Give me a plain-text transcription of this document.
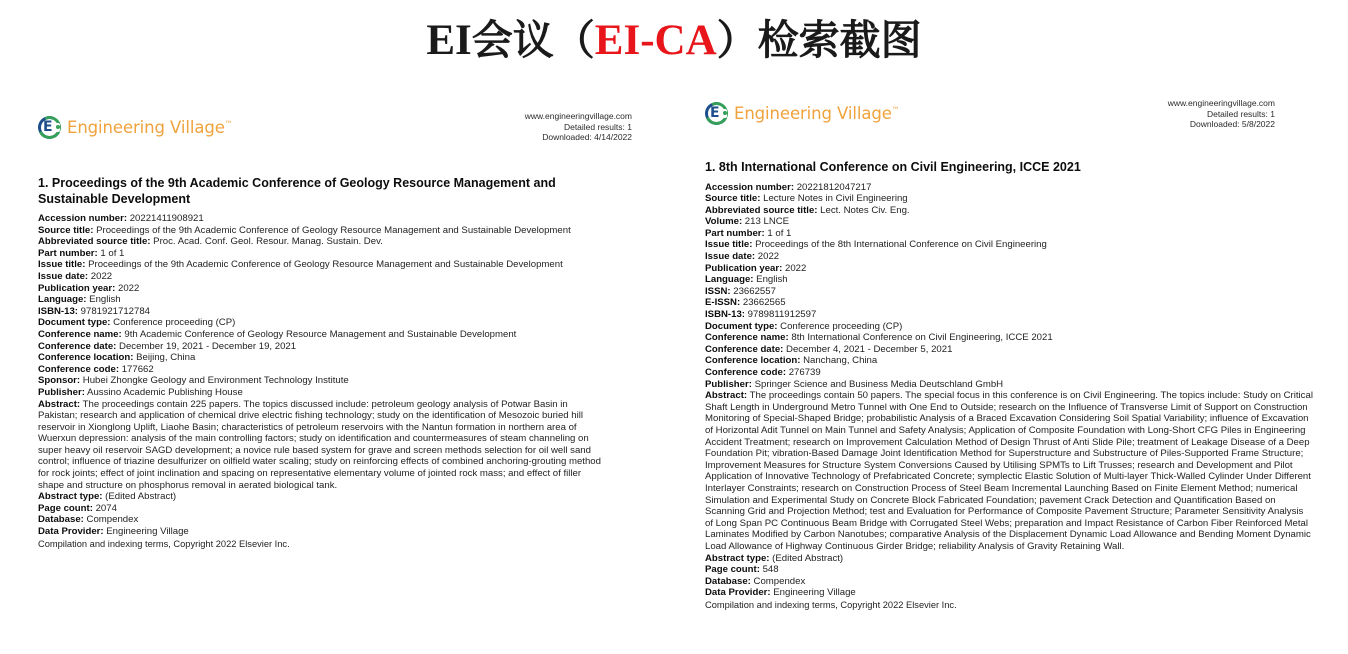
EI会议（EI-CA）检索截图
E Engineering Village™
www.engineeringvillage.com
Detailed results: 1
Downloaded: 4/14/2022
1. Proceedings of the 9th Academic Conference of Geology Resource Management and Sustainable Development
Accession number: 20221411908921
Source title: Proceedings of the 9th Academic Conference of Geology Resource Management and Sustainable Development
Abbreviated source title: Proc. Acad. Conf. Geol. Resour. Manag. Sustain. Dev.
Part number: 1 of 1
Issue title: Proceedings of the 9th Academic Conference of Geology Resource Management and Sustainable Development
Issue date: 2022
Publication year: 2022
Language: English
ISBN-13: 9781921712784
Document type: Conference proceeding (CP)
Conference name: 9th Academic Conference of Geology Resource Management and Sustainable Development
Conference date: December 19, 2021 - December 19, 2021
Conference location: Beijing, China
Conference code: 177662
Sponsor: Hubei Zhongke Geology and Environment Technology Institute
Publisher: Aussino Academic Publishing House
Abstract: The proceedings contain 225 papers. The topics discussed include: petroleum geology analysis of Potwar Basin in Pakistan; research and application of chemical drive electric fishing technology; study on the identification of Mesozoic buried hill reservoir in Xionglong Uplift, Liaohe Basin; characteristics of petroleum reservoirs with the Nantun formation in northern area of Wuerxun depression: analysis of the main controlling factors; study on identification and countermeasures of steam channeling on super heavy oil reservoir SAGD development; a novice rule based system for grave and screen methods selection for oil well sand control; influence of triazine desulfurizer on oilfield water scaling; study on reinforcing effects of combined anchoring-grouting method for rock joints; effect of joint inclination and spacing on representative elementary volume of jointed rock mass; and effect of filler shape and structure on phosphorus removal in aerated biological tank.
Abstract type: (Edited Abstract)
Page count: 2074
Database: Compendex
Data Provider: Engineering Village
Compilation and indexing terms, Copyright 2022 Elsevier Inc.
E Engineering Village™
www.engineeringvillage.com
Detailed results: 1
Downloaded: 5/8/2022
1. 8th International Conference on Civil Engineering, ICCE 2021
Accession number: 20221812047217
Source title: Lecture Notes in Civil Engineering
Abbreviated source title: Lect. Notes Civ. Eng.
Volume: 213 LNCE
Part number: 1 of 1
Issue title: Proceedings of the 8th International Conference on Civil Engineering
Issue date: 2022
Publication year: 2022
Language: English
ISSN: 23662557
E-ISSN: 23662565
ISBN-13: 9789811912597
Document type: Conference proceeding (CP)
Conference name: 8th International Conference on Civil Engineering, ICCE 2021
Conference date: December 4, 2021 - December 5, 2021
Conference location: Nanchang, China
Conference code: 276739
Publisher: Springer Science and Business Media Deutschland GmbH
Abstract: The proceedings contain 50 papers. The special focus in this conference is on Civil Engineering. The topics include: Study on Critical Shaft Length in Underground Metro Tunnel with One End to Outside; research on the Influence of Transverse Limit of Support on Construction Monitoring of Special-Shaped Bridge; probabilistic Analysis of a Braced Excavation Considering Soil Spatial Variability; influence of Excavation of Horizontal Adit Tunnel on Main Tunnel and Safety Analysis; Application of Composite Foundation with Long-Short CFG Piles in Engineering Accident Treatment; research on Improvement Calculation Method of Design Thrust of Anti Slide Pile; treatment of Leakage Disease of a Deep Foundation Pit; vibration-Based Damage Joint Identification Method for Superstructure and Substructure of Piles-Supported Frame Structure; Improvement Measures for Structure System Conversions Caused by Utilising SPMTs to Lift Trusses; research and Development and Pilot Application of Innovative Technology of Prefabricated Concrete; symplectic Elastic Solution of Multi-layer Thick-Walled Cylinder Under Different Interlayer Constraints; research on Construction Process of Steel Beam Incremental Launching Based on Finite Element Method; numerical Simulation and Experimental Study on Concrete Block Fabricated Foundation; pavement Crack Detection and Quantification Based on Scanning Grid and Projection Method; test and Evaluation for Performance of Composite Pavement Structure; Parameter Sensitivity Analysis of Long Span PC Continuous Beam Bridge with Corrugated Steel Webs; preparation and Impact Resistance of Carbon Fiber Reinforced Metal Laminates Modified by Carbon Nanotubes; comparative Analysis of the Displacement Dynamic Load Allowance and Bending Moment Dynamic Load Allowance of Highway Continuous Girder Bridge; reliability Analysis of Gravity Retaining Wall.
Abstract type: (Edited Abstract)
Page count: 548
Database: Compendex
Data Provider: Engineering Village
Compilation and indexing terms, Copyright 2022 Elsevier Inc.
